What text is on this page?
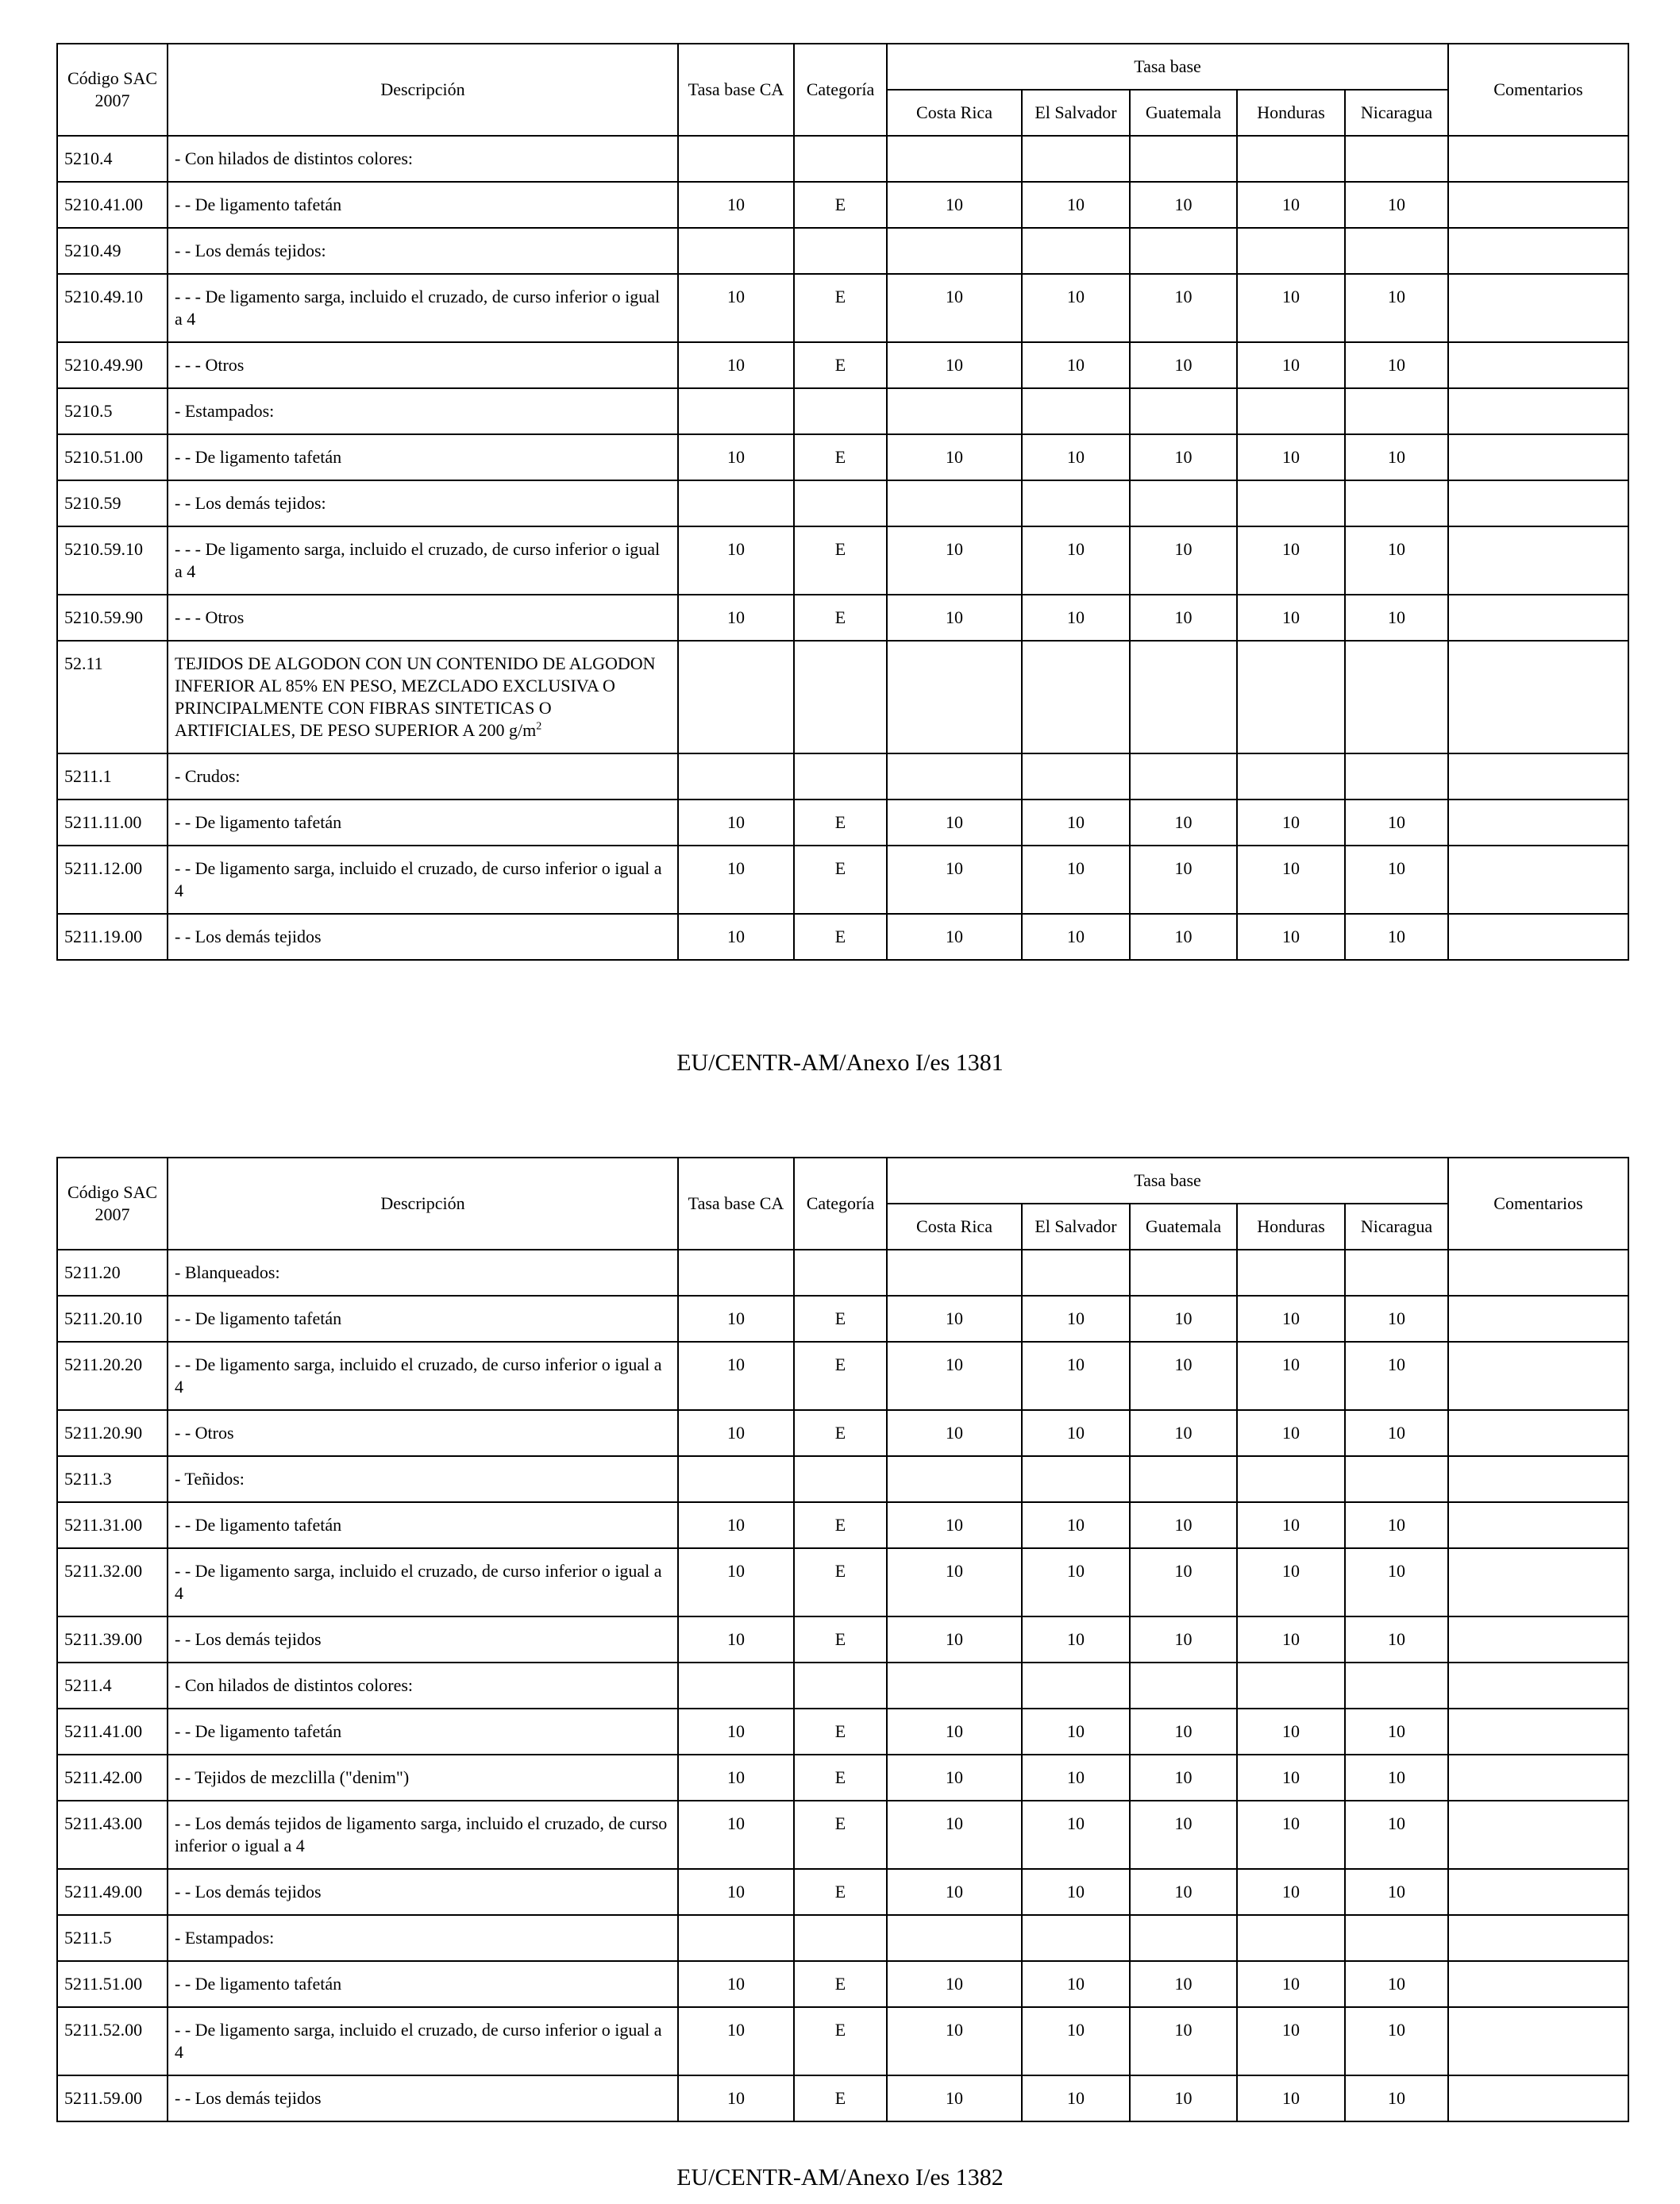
Código SAC 2007	Descripción	Tasa base CA	Categoría	Tasa base					Comentarios
				Costa Rica	El Salvador	Guatemala	Honduras	Nicaragua	
5210.4	- Con hilados de distintos colores:								
5210.41.00	- - De ligamento tafetán	10	E	10	10	10	10	10	
5210.49	- - Los demás tejidos:								
5210.49.10	- - - De ligamento sarga, incluido el cruzado, de curso inferior o igual a 4	10	E	10	10	10	10	10	
5210.49.90	- - - Otros	10	E	10	10	10	10	10	
5210.5	- Estampados:								
5210.51.00	- - De ligamento tafetán	10	E	10	10	10	10	10	
5210.59	- - Los demás tejidos:								
5210.59.10	- - - De ligamento sarga, incluido el cruzado, de curso inferior o igual a 4	10	E	10	10	10	10	10	
5210.59.90	- - - Otros	10	E	10	10	10	10	10	
52.11	TEJIDOS DE ALGODON CON UN CONTENIDO DE ALGODON INFERIOR AL 85% EN PESO, MEZCLADO EXCLUSIVA O PRINCIPALMENTE CON FIBRAS SINTETICAS O ARTIFICIALES, DE PESO SUPERIOR A 200 $g/m^2$								
5211.1	- Crudos:								
5211.11.00	- - De ligamento tafetán	10	E	10	10	10	10	10	
5211.12.00	- - De ligamento sarga, incluido el cruzado, de curso inferior o igual a 4	10	E	10	10	10	10	10	
5211.19.00	- - Los demás tejidos	10	E	10	10	10	10	10	
EU/CENTR-AM/Anexo I/es 1381
Código SAC 2007	Descripción	Tasa base CA	Categoría	Tasa base					Comentarios
				Costa Rica	El Salvador	Guatemala	Honduras	Nicaragua	
5211.20	- Blanqueados:								
5211.20.10	- - De ligamento tafetán	10	E	10	10	10	10	10	
5211.20.20	- - De ligamento sarga, incluido el cruzado, de curso inferior o igual a 4	10	E	10	10	10	10	10	
5211.20.90	- - Otros	10	E	10	10	10	10	10	
5211.3	- Teñidos:								
5211.31.00	- - De ligamento tafetán	10	E	10	10	10	10	10	
5211.32.00	- - De ligamento sarga, incluido el cruzado, de curso inferior o igual a 4	10	E	10	10	10	10	10	
5211.39.00	- - Los demás tejidos	10	E	10	10	10	10	10	
5211.4	- Con hilados de distintos colores:								
5211.41.00	- - De ligamento tafetán	10	E	10	10	10	10	10	
5211.42.00	- - Tejidos de mezclilla ("denim")	10	E	10	10	10	10	10	
5211.43.00	- - Los demás tejidos de ligamento sarga, incluido el cruzado, de curso inferior o igual a 4	10	E	10	10	10	10	10	
5211.49.00	- - Los demás tejidos	10	E	10	10	10	10	10	
5211.5	- Estampados:								
5211.51.00	- - De ligamento tafetán	10	E	10	10	10	10	10	
5211.52.00	- - De ligamento sarga, incluido el cruzado, de curso inferior o igual a 4	10	E	10	10	10	10	10	
5211.59.00	- - Los demás tejidos	10	E	10	10	10	10	10	
EU/CENTR-AM/Anexo I/es 1382
